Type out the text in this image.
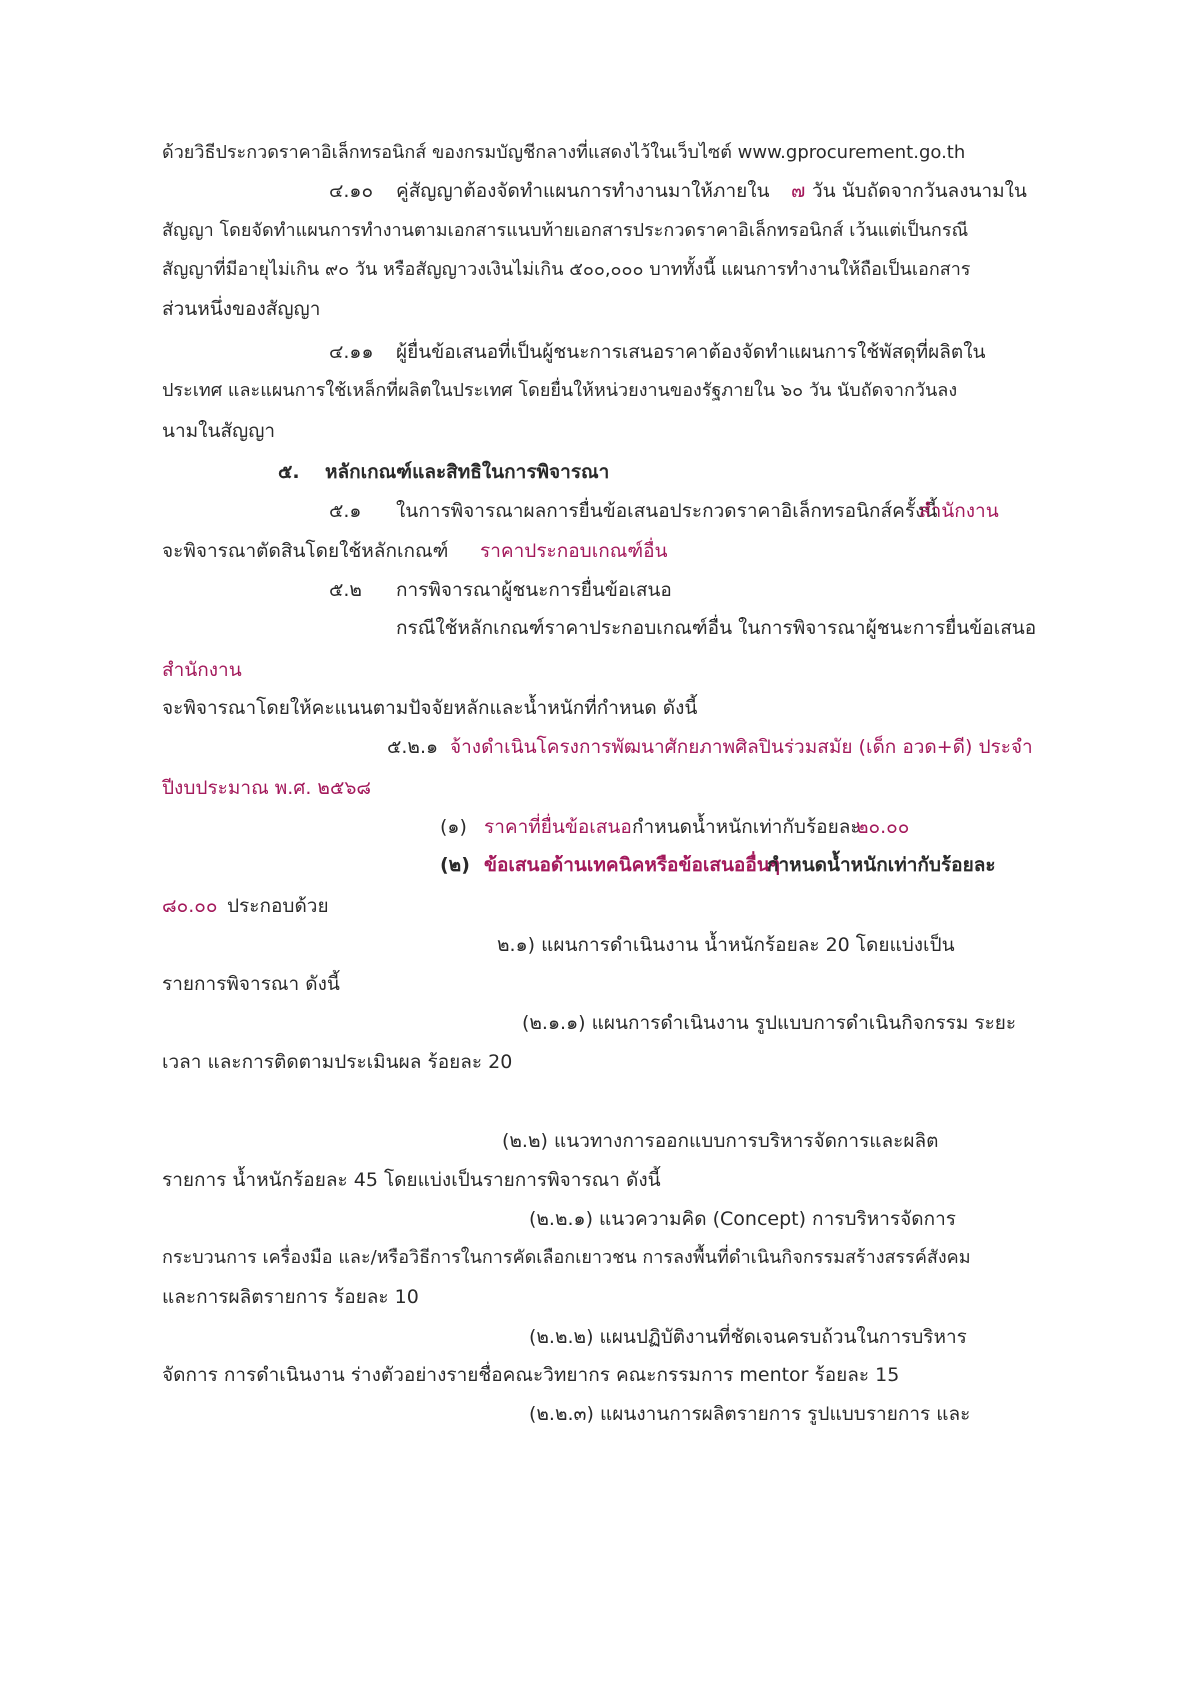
ด้วยวิธีประกวดราคาอิเล็กทรอนิกส์ ของกรมบัญชีกลางที่แสดงไว้ในเว็บไซต์ www.gprocurement.go.th
๔.๑๐ คู่สัญญาต้องจัดทำแผนการทำงานมาให้ภายใน ๗ วัน นับถัดจากวันลงนามใน
สัญญา โดยจัดทำแผนการทำงานตามเอกสารแนบท้ายเอกสารประกวดราคาอิเล็กทรอนิกส์ เว้นแต่เป็นกรณี
สัญญาที่มีอายุไม่เกิน ๙๐ วัน หรือสัญญาวงเงินไม่เกิน ๕๐๐,๐๐๐ บาททั้งนี้ แผนการทำงานให้ถือเป็นเอกสาร
ส่วนหนึ่งของสัญญา
๔.๑๑ ผู้ยื่นข้อเสนอที่เป็นผู้ชนะการเสนอราคาต้องจัดทำแผนการใช้พัสดุที่ผลิตใน
ประเทศ และแผนการใช้เหล็กที่ผลิตในประเทศ โดยยื่นให้หน่วยงานของรัฐภายใน ๖๐ วัน นับถัดจากวันลง
นามในสัญญา
๕. หลักเกณฑ์และสิทธิในการพิจารณา
๕.๑ ในการพิจารณาผลการยื่นข้อเสนอประกวดราคาอิเล็กทรอนิกส์ครั้งนี้
สำนักงาน
จะพิจารณาตัดสินโดยใช้หลักเกณฑ์ ราคาประกอบเกณฑ์อื่น
๕.๒ การพิจารณาผู้ชนะการยื่นข้อเสนอ
กรณีใช้หลักเกณฑ์ราคาประกอบเกณฑ์อื่น ในการพิจารณาผู้ชนะการยื่นข้อเสนอ
สำนักงาน
จะพิจารณาโดยให้คะแนนตามปัจจัยหลักและน้ำหนักที่กำหนด ดังนี้
๕.๒.๑ จ้างดำเนินโครงการพัฒนาศักยภาพศิลปินร่วมสมัย (เด็ก อวด+ดี) ประจำ
ปีงบประมาณ พ.ศ. ๒๕๖๘
(๑) ราคาที่ยื่นข้อเสนอ กำหนดน้ำหนักเท่ากับร้อยละ
๒๐.๐๐
(๒) ข้อเสนอด้านเทคนิคหรือข้อเสนออื่นๆ
กำหนดน้ำหนักเท่ากับร้อยละ
๘๐.๐๐ ประกอบด้วย
๒.๑) แผนการดำเนินงาน น้ำหนักร้อยละ 20 โดยแบ่งเป็น
รายการพิจารณา ดังนี้
(๒.๑.๑) แผนการดำเนินงาน รูปแบบการดำเนินกิจกรรม ระยะ
เวลา และการติดตามประเมินผล ร้อยละ 20
(๒.๒) แนวทางการออกแบบการบริหารจัดการและผลิต
รายการ น้ำหนักร้อยละ 45 โดยแบ่งเป็นรายการพิจารณา ดังนี้
(๒.๒.๑) แนวความคิด (Concept) การบริหารจัดการ
กระบวนการ เครื่องมือ และ/หรือวิธีการในการคัดเลือกเยาวชน การลงพื้นที่ดำเนินกิจกรรมสร้างสรรค์สังคม
และการผลิตรายการ ร้อยละ 10
(๒.๒.๒) แผนปฏิบัติงานที่ชัดเจนครบถ้วนในการบริหาร
จัดการ การดำเนินงาน ร่างตัวอย่างรายชื่อคณะวิทยากร คณะกรรมการ mentor ร้อยละ 15
(๒.๒.๓) แผนงานการผลิตรายการ รูปแบบรายการ และ
